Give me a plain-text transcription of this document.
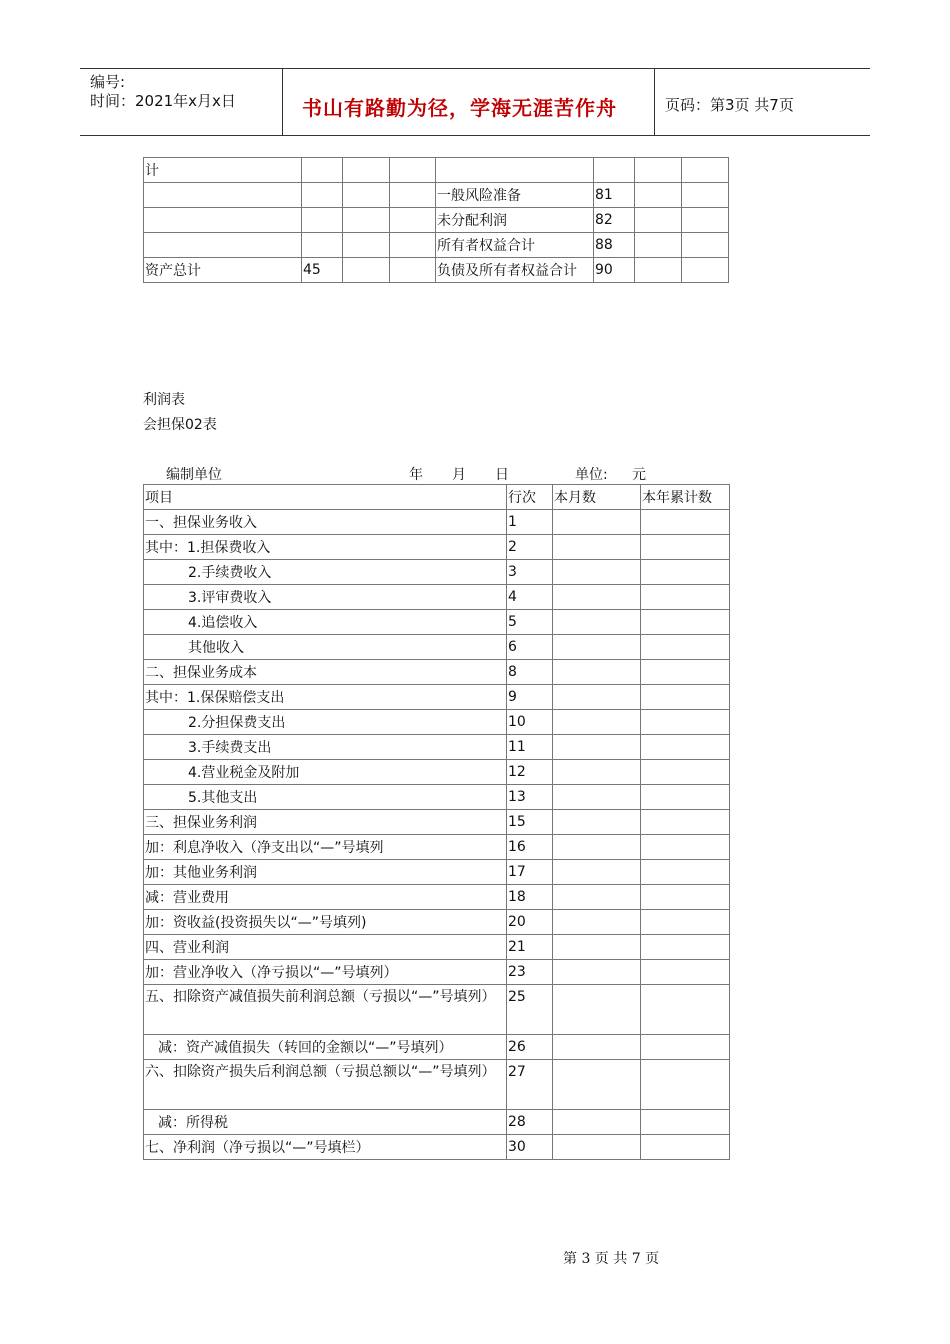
编号:
时间：2021年x月x日	书山有路勤为径，学海无涯苦作舟	页码：第3页 共7页
计							
				一般风险准备	81		
				未分配利润	82		
				所有者权益合计	88		
资产总计	45			负债及所有者权益合计	90		
利润表
会担保02表
编制单位	年 月 日	单位: 元
项目	行次	本月数	本年累计数
一、担保业务收入	1		
其中：1.担保费收入	2		
2.手续费收入	3		
3.评审费收入	4		
4.追偿收入	5		
其他收入	6		
二、担保业务成本	8		
其中：1.保保赔偿支出	9		
2.分担保费支出	10		
3.手续费支出	11		
4.营业税金及附加	12		
5.其他支出	13		
三、担保业务利润	15		
加：利息净收入（净支出以“—”号填列	16		
加：其他业务利润	17		
减：营业费用	18		
加：资收益(投资损失以“—”号填列)	20		
四、营业利润	21		
加：营业净收入（净亏损以“—”号填列）	23		
五、扣除资产减值损失前利润总额（亏损以“—”号填列）	25		
减：资产减值损失（转回的金额以“—”号填列）	26		
六、扣除资产损失后利润总额（亏损总额以“—”号填列）	27		
减：所得税	28		
七、净利润（净亏损以“—”号填栏）	30		
第 3 页 共 7 页
